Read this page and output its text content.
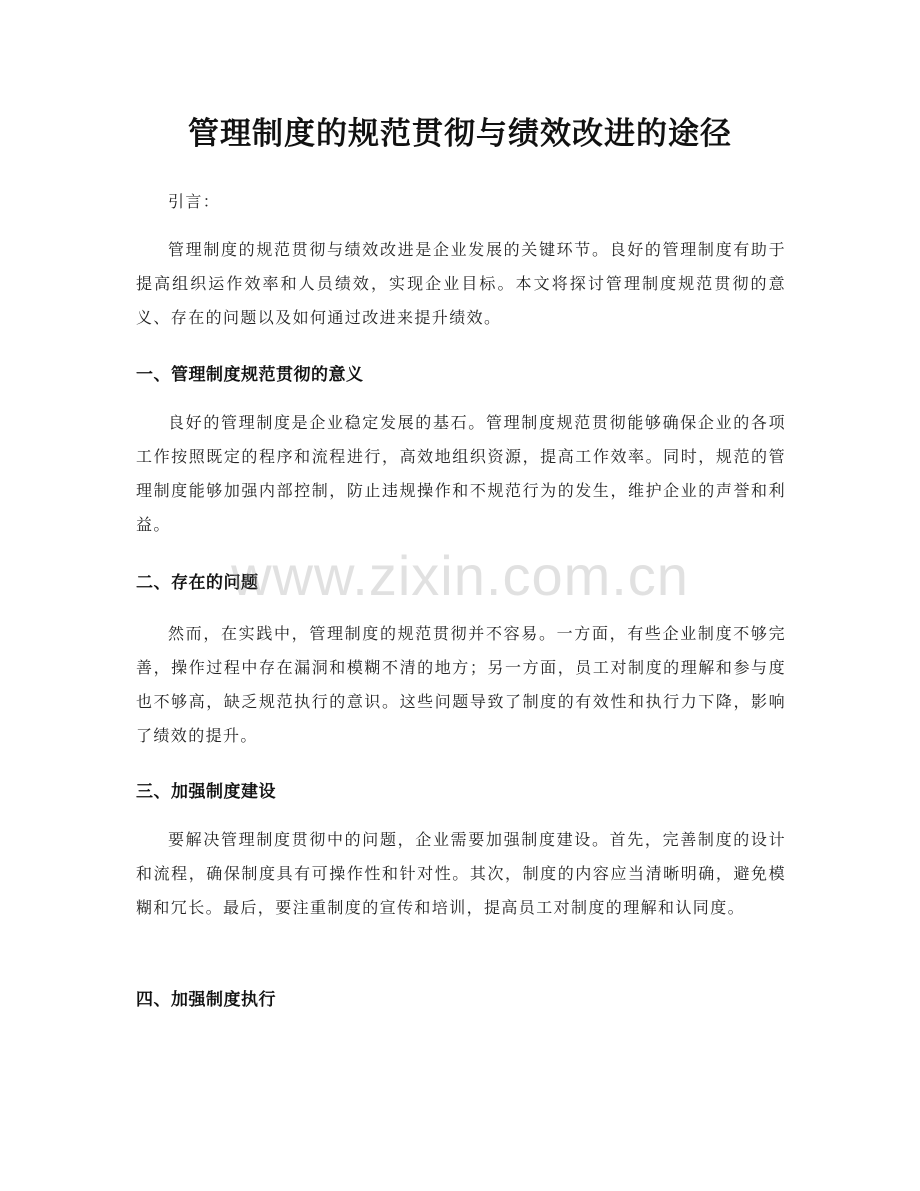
管理制度的规范贯彻与绩效改进的途径

引言：

管理制度的规范贯彻与绩效改进是企业发展的关键环节。良好的管理制度有助于提高组织运作效率和人员绩效，实现企业目标。本文将探讨管理制度规范贯彻的意义、存在的问题以及如何通过改进来提升绩效。

一、管理制度规范贯彻的意义

良好的管理制度是企业稳定发展的基石。管理制度规范贯彻能够确保企业的各项工作按照既定的程序和流程进行，高效地组织资源，提高工作效率。同时，规范的管理制度能够加强内部控制，防止违规操作和不规范行为的发生，维护企业的声誉和利益。

二、存在的问题

然而，在实践中，管理制度的规范贯彻并不容易。一方面，有些企业制度不够完善，操作过程中存在漏洞和模糊不清的地方；另一方面，员工对制度的理解和参与度也不够高，缺乏规范执行的意识。这些问题导致了制度的有效性和执行力下降，影响了绩效的提升。

三、加强制度建设

要解决管理制度贯彻中的问题，企业需要加强制度建设。首先，完善制度的设计和流程，确保制度具有可操作性和针对性。其次，制度的内容应当清晰明确，避免模糊和冗长。最后，要注重制度的宣传和培训，提高员工对制度的理解和认同度。

四、加强制度执行
www.zixin.com.cn
